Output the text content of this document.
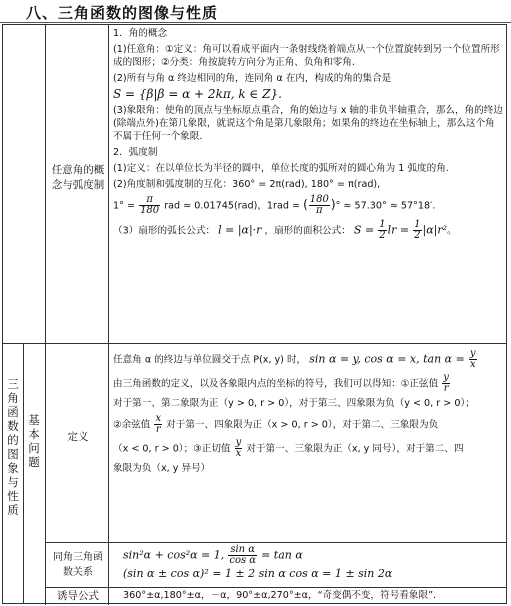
八、三角函数的图像与性质
三角函数的图象与性质
基本问题
任意角的概念与弧度制
定义
同角三角函数关系
诱导公式

1．角的概念

(1)任意角：①定义：角可以看成平面内一条射线绕着端点从一个位置旋转到另一个位置所形成的图形；②分类：角按旋转方向分为正角、负角和零角.

(2)所有与角 α 终边相同的角，连同角 α 在内，构成的角的集合是

S = {β|β = α + 2kπ, k ∈ Z}.

(3)象限角：使角的顶点与坐标原点重合，角的始边与 x 轴的非负半轴重合，那么，角的终边(除端点外)在第几象限，就说这个角是第几象限角；如果角的终边在坐标轴上，那么这个角不属于任何一个象限.

2．弧度制

(1)定义：在以单位长为半径的圆中，单位长度的弧所对的圆心角为 1 弧度的角.

(2)角度制和弧度制的互化：360° = 2π(rad), 180° = π(rad),

$1^\circ = \frac{\pi}{180}$ rad ≈ 0.01745(rad)，1rad = ( $\frac{180}{\pi}$ )° ≈ 57.30° ≈ 57°18′.

（3）扇形的弧长公式： l = |α|·r ，扇形的面积公式： $S = \frac{1}{2}$ lr = $\frac{1}{2} |\alpha|r^2$。

任意角 α 的终边与单位圆交于点 P(x, y) 时， sin α = y, cos α = x, $\tan \alpha = \frac{y}{x}$

由三角函数的定义，以及各象限内点的坐标的符号，我们可以得知：①正弦值 $\frac{y}{r}$

对于第一、第二象限为正（y > 0, r > 0），对于第三、四象限为负（y < 0, r > 0）；

②余弦值 $\frac{x}{r}$ 对于第一、四象限为正（x > 0, r > 0），对于第二、三象限为负

（x < 0, r > 0）；③正切值 $\frac{y}{x}$ 对于第一、三象限为正（x, y 同号），对于第二、四

象限为负（x, y 异号）

sin²α + cos²α = 1, $\frac{\text{sin α}}{\text{cos α}} = \tan \alpha$

(sin α ± cos α)² = 1 ± 2 sin α cos α = 1 ± sin 2α

360°±α,180°±α，－α，90°±α,270°±α，“奇变偶不变，符号看象限”.
